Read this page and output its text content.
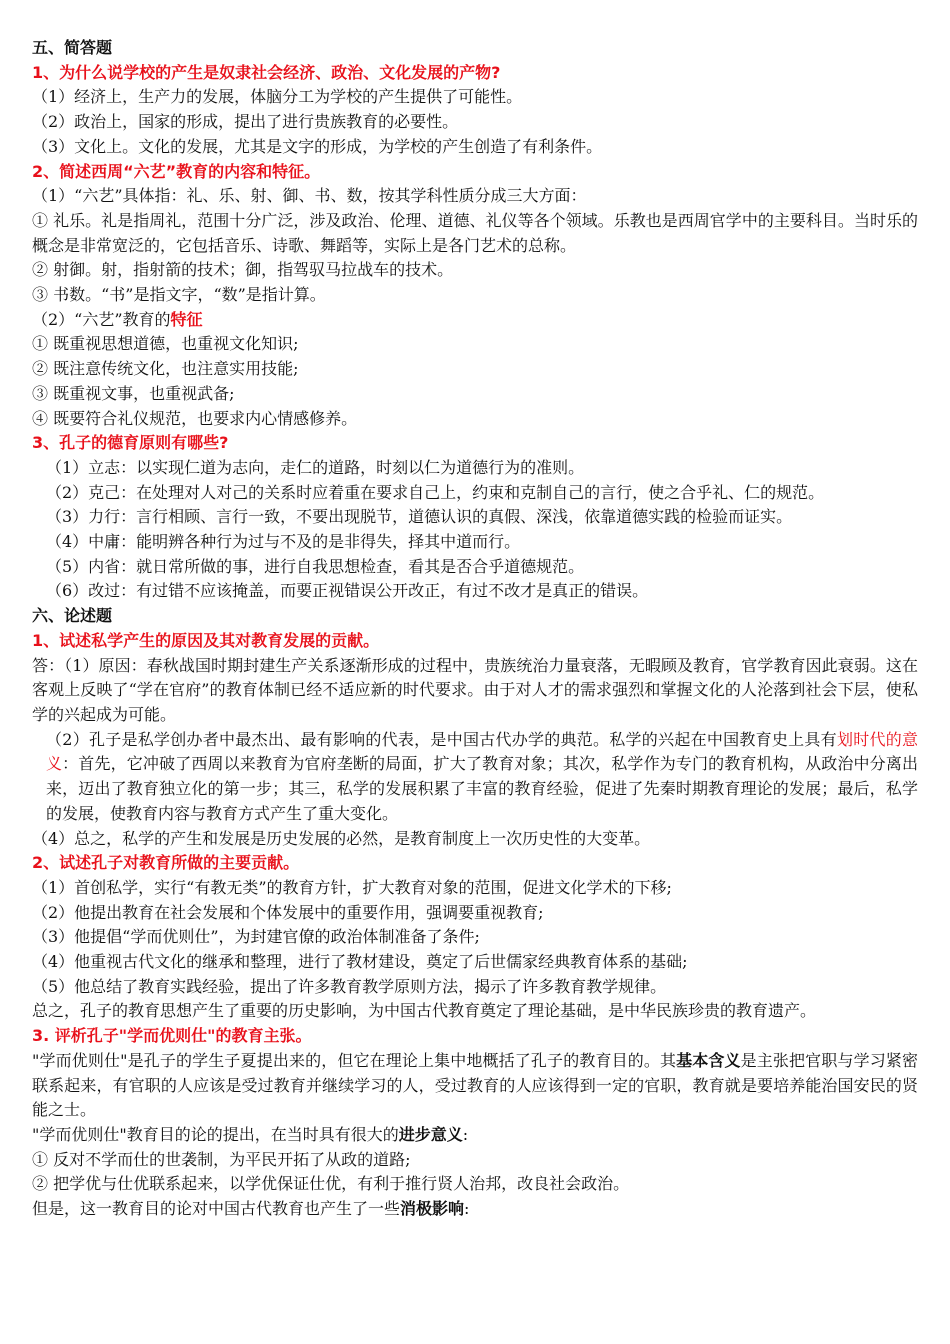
五、简答题
1、为什么说学校的产生是奴隶社会经济、政治、文化发展的产物?
（1）经济上，生产力的发展，体脑分工为学校的产生提供了可能性。
（2）政治上，国家的形成，提出了进行贵族教育的必要性。
（3）文化上。文化的发展，尤其是文字的形成，为学校的产生创造了有利条件。
2、简述西周“六艺”教育的内容和特征。
（1）“六艺”具体指：礼、乐、射、御、书、数，按其学科性质分成三大方面：
① 礼乐。礼是指周礼，范围十分广泛，涉及政治、伦理、道德、礼仪等各个领域。乐教也是西周官学中的主要科目。当时乐的概念是非常宽泛的，它包括音乐、诗歌、舞蹈等，实际上是各门艺术的总称。
② 射御。射，指射箭的技术；御，指驾驭马拉战车的技术。
③ 书数。“书”是指文字，“数”是指计算。
（2）“六艺”教育的特征
① 既重视思想道德，也重视文化知识;
② 既注意传统文化，也注意实用技能;
③ 既重视文事，也重视武备;
④ 既要符合礼仪规范，也要求内心情感修养。
3、孔子的德育原则有哪些?
（1）立志：以实现仁道为志向，走仁的道路，时刻以仁为道德行为的准则。
（2）克己：在处理对人对己的关系时应着重在要求自己上，约束和克制自己的言行，使之合乎礼、仁的规范。
（3）力行：言行相顾、言行一致，不要出现脱节，道德认识的真假、深浅，依靠道德实践的检验而证实。
（4）中庸：能明辨各种行为过与不及的是非得失，择其中道而行。
（5）内省：就日常所做的事，进行自我思想检查，看其是否合乎道德规范。
（6）改过：有过错不应该掩盖，而要正视错误公开改正，有过不改才是真正的错误。
六、论述题
1、试述私学产生的原因及其对教育发展的贡献。
答：（1）原因：春秋战国时期封建生产关系逐渐形成的过程中，贵族统治力量衰落，无暇顾及教育，官学教育因此衰弱。这在客观上反映了“学在官府”的教育体制已经不适应新的时代要求。由于对人才的需求强烈和掌握文化的人沦落到社会下层，使私学的兴起成为可能。
（2）孔子是私学创办者中最杰出、最有影响的代表，是中国古代办学的典范。私学的兴起在中国教育史上具有划时代的意义：首先，它冲破了西周以来教育为官府垄断的局面，扩大了教育对象；其次，私学作为专门的教育机构，从政治中分离出来，迈出了教育独立化的第一步；其三，私学的发展积累了丰富的教育经验，促进了先秦时期教育理论的发展；最后，私学的发展，使教育内容与教育方式产生了重大变化。
（4）总之，私学的产生和发展是历史发展的必然，是教育制度上一次历史性的大变革。
2、试述孔子对教育所做的主要贡献。
（1）首创私学，实行“有教无类”的教育方针，扩大教育对象的范围，促进文化学术的下移;
（2）他提出教育在社会发展和个体发展中的重要作用，强调要重视教育;
（3）他提倡“学而优则仕”，为封建官僚的政治体制准备了条件;
（4）他重视古代文化的继承和整理，进行了教材建设，奠定了后世儒家经典教育体系的基础;
（5）他总结了教育实践经验，提出了许多教育教学原则方法，揭示了许多教育教学规律。
总之，孔子的教育思想产生了重要的历史影响，为中国古代教育奠定了理论基础，是中华民族珍贵的教育遗产。
3. 评析孔子"学而优则仕"的教育主张。
"学而优则仕"是孔子的学生子夏提出来的，但它在理论上集中地概括了孔子的教育目的。其基本含义是主张把官职与学习紧密联系起来，有官职的人应该是受过教育并继续学习的人，受过教育的人应该得到一定的官职，教育就是要培养能治国安民的贤能之士。
"学而优则仕"教育目的论的提出，在当时具有很大的进步意义:
① 反对不学而仕的世袭制，为平民开拓了从政的道路;
② 把学优与仕优联系起来，以学优保证仕优，有利于推行贤人治邦，改良社会政治。
但是，这一教育目的论对中国古代教育也产生了一些消极影响:
